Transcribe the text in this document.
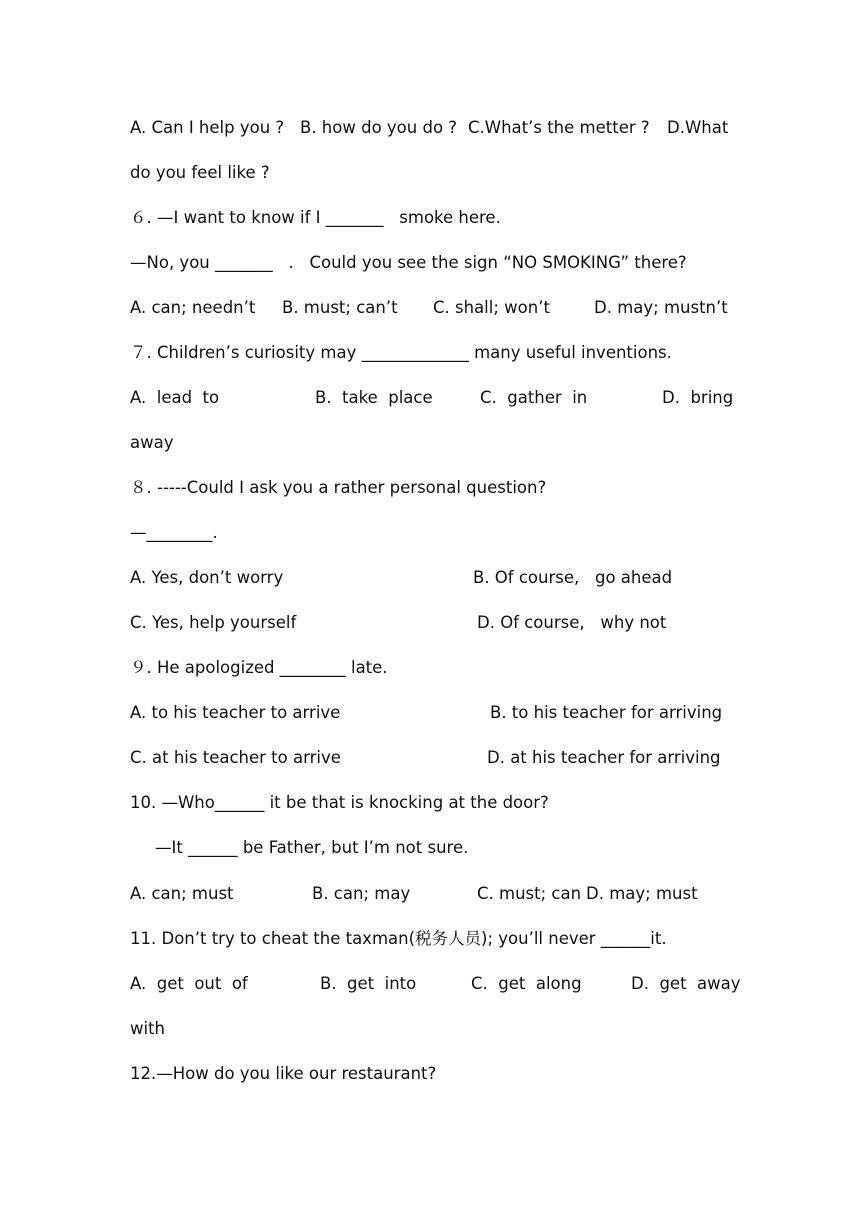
A. Can I help you ? B. how do you do ? C.What’s the metter ? D.What
do you feel like ?
６. —I want to know if I _______   smoke here.
—No, you _______   .   Could you see the sign “NO SMOKING” there?
A. can; needn’t B. must; can’t C. shall; won’t	D. may; mustn’t
７. Children’s curiosity may _____________ many useful inventions.
A.  lead  to	B.  take  place	C.  gather  in	D.  bring
away
８. -----Could I ask you a rather personal question?
—________.
A. Yes, don’t worry	B. Of course,   go ahead
C. Yes, help yourself	D. Of course,   why not
９. He apologized ________ late.
A. to his teacher to arrive	B. to his teacher for arriving
C. at his teacher to arrive	D. at his teacher for arriving
10. —Who______ it be that is knocking at the door?
—It ______ be Father, but I’m not sure.
A. can; must	B. can; may	C. must; can D. may; must
11. Don’t try to cheat the taxman(税务人员); you’ll never ______it.
A.  get  out  of	B.  get  into	C.  get  along	D.  get  away
with
12.—How do you like our restaurant?
